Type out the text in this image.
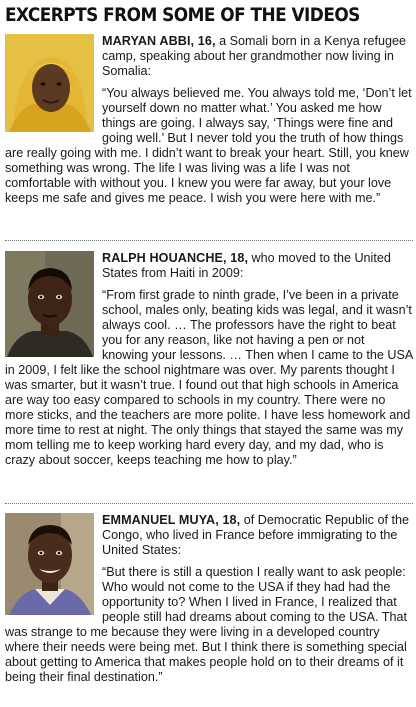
EXCERPTS FROM SOME OF THE VIDEOS

MARYAN ABBI, 16, a Somali born in a Kenya refugee camp, speaking about her grandmother now living in Somalia:

“You always believed me. You always told me, ‘Don’t let yourself down no matter what.’ You asked me how things are going. I always say, ‘Things were fine and going well.’ But I never told you the truth of how things are really going with me. I didn’t want to break your heart. Still, you knew something was wrong. The life I was living was a life I was not comfortable with without you. I knew you were far away, but your love keeps me safe and gives me peace. I wish you were here with me.”

RALPH HOUANCHE, 18, who moved to the United States from Haiti in 2009:

“From first grade to ninth grade, I’ve been in a private school, males only, beating kids was legal, and it wasn’t always cool. … The professors have the right to beat you for any reason, like not having a pen or not knowing your lessons. … Then when I came to the USA in 2009, I felt like the school nightmare was over. My parents thought I was smarter, but it wasn’t true. I found out that high schools in America are way too easy compared to schools in my country. There were no more sticks, and the teachers are more polite. I have less homework and more time to rest at night. The only things that stayed the same was my mom telling me to keep working hard every day, and my dad, who is crazy about soccer, keeps teaching me how to play.”

EMMANUEL MUYA, 18, of Democratic Republic of the Congo, who lived in France before immigrating to the United States:

“But there is still a question I really want to ask people: Who would not come to the USA if they had had the opportunity to? When I lived in France, I realized that people still had dreams about coming to the USA. That was strange to me because they were living in a developed country where their needs were being met. But I think there is something special about getting to America that makes people hold on to their dreams of it being their final destination.”
